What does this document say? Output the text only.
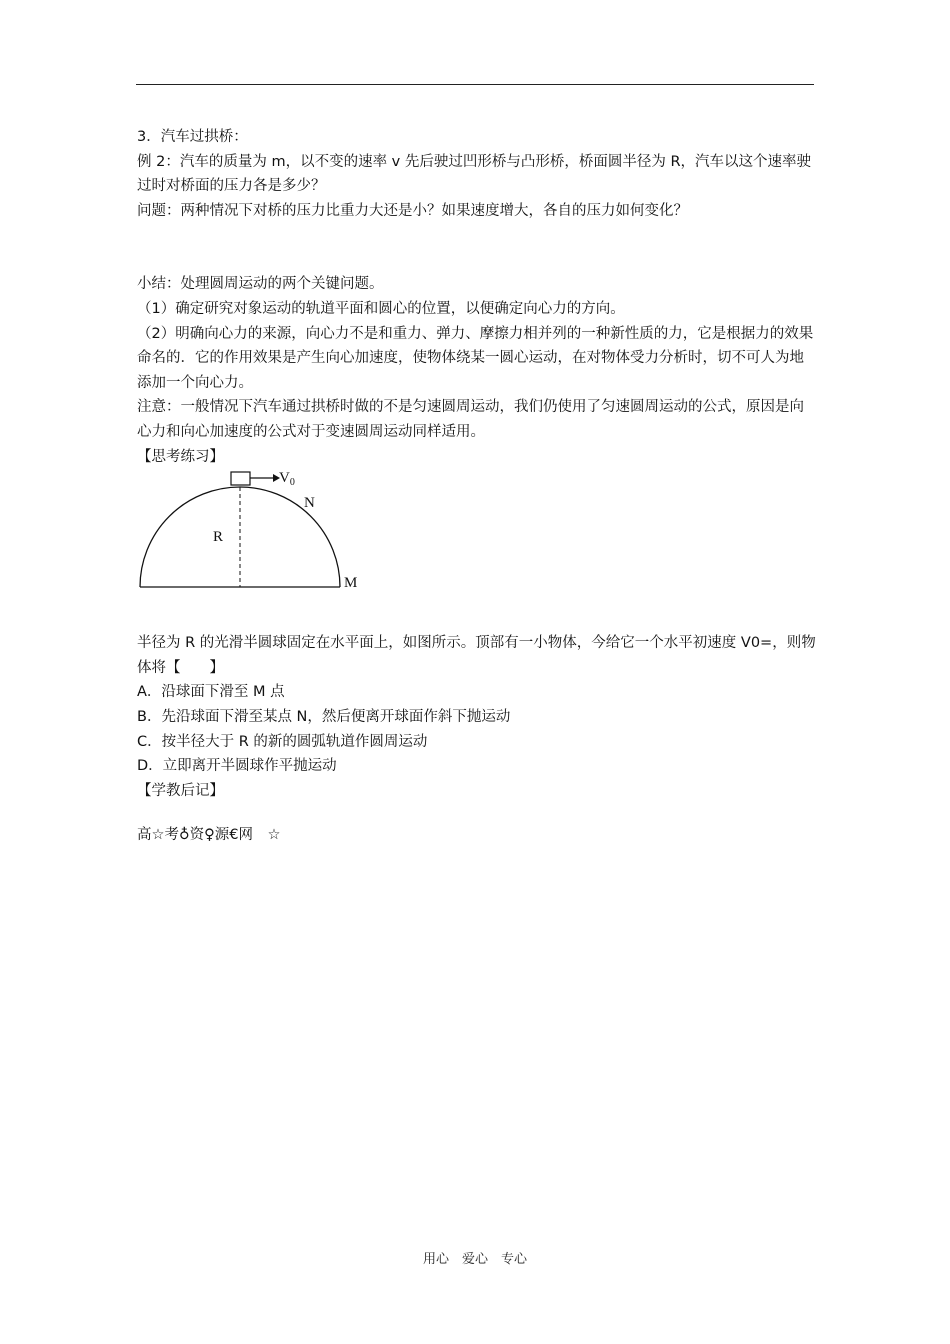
3．汽车过拱桥：

例 2：汽车的质量为 m，以不变的速率 v 先后驶过凹形桥与凸形桥，桥面圆半径为 R，汽车以这个速率驶过时对桥面的压力各是多少？

问题：两种情况下对桥的压力比重力大还是小？如果速度增大，各自的压力如何变化？

小结：处理圆周运动的两个关键问题。

（1）确定研究对象运动的轨道平面和圆心的位置，以便确定向心力的方向。

（2）明确向心力的来源，向心力不是和重力、弹力、摩擦力相并列的一种新性质的力，它是根据力的效果命名的．它的作用效果是产生向心加速度，使物体绕某一圆心运动，在对物体受力分析时，切不可人为地添加一个向心力。

注意：一般情况下汽车通过拱桥时做的不是匀速圆周运动，我们仍使用了匀速圆周运动的公式，原因是向心力和向心加速度的公式对于变速圆周运动同样适用。

【思考练习】

$V_0$
N
R
M

半径为 R 的光滑半圆球固定在水平面上，如图所示。顶部有一小物体，今给它一个水平初速度 V0=，则物体将【　　】

A．沿球面下滑至 M 点

B．先沿球面下滑至某点 N，然后便离开球面作斜下抛运动

C．按半径大于 R 的新的圆弧轨道作圆周运动

D．立即离开半圆球作平抛运动

【学教后记】

高☆考♁资♀源€网　☆

用心　爱心　专心
